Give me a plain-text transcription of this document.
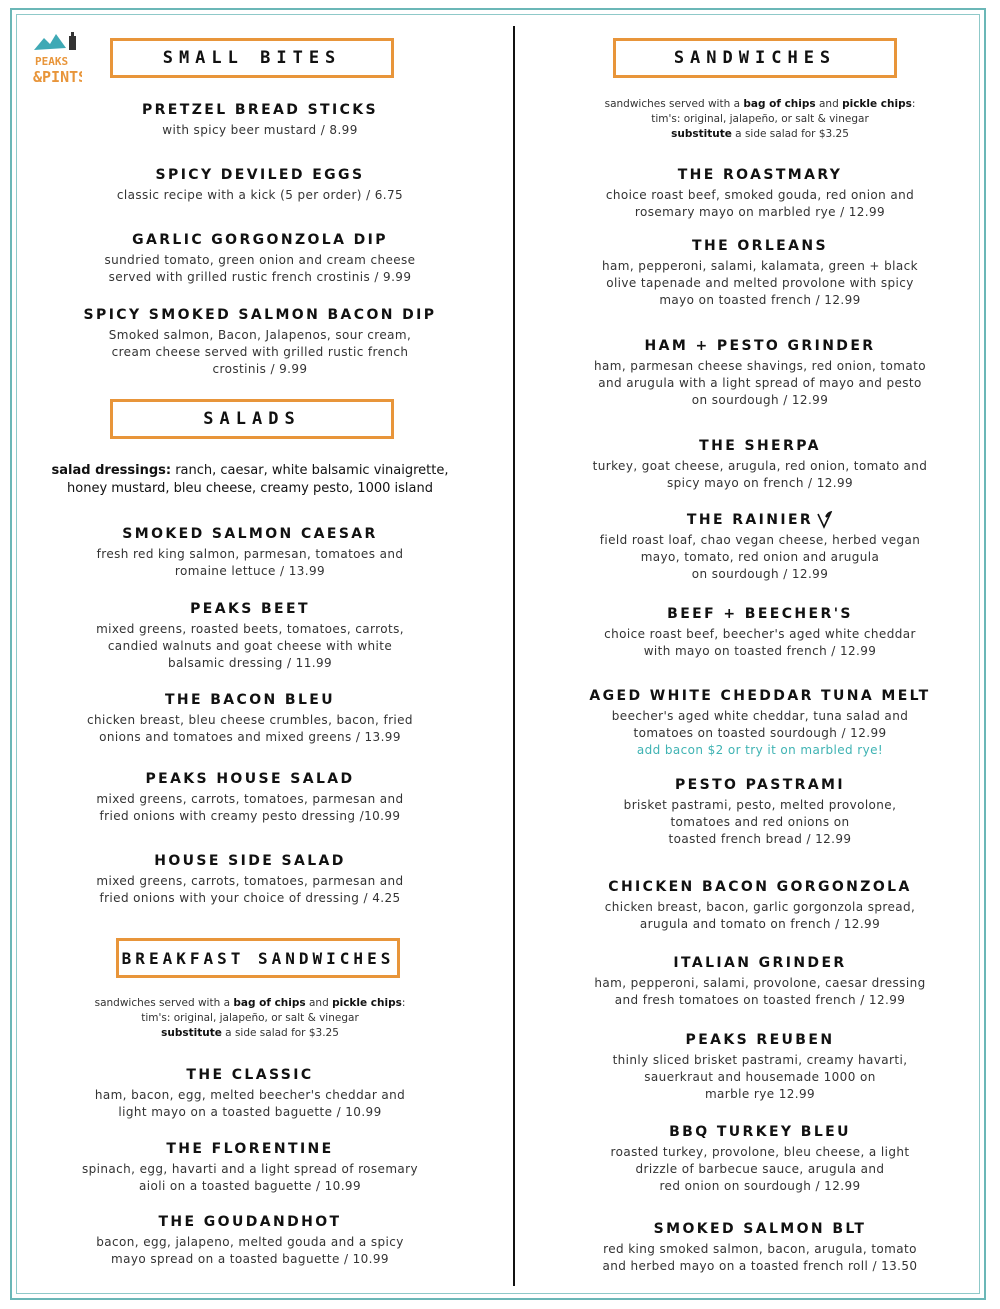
PEAKS
&PINTS
SMALL BITES
PRETZEL BREAD STICKS
with spicy beer mustard / 8.99
SPICY DEVILED EGGS
classic recipe with a kick (5 per order) / 6.75
GARLIC GORGONZOLA DIP
sundried tomato, green onion and cream cheese
served with grilled rustic french crostinis / 9.99
SPICY SMOKED SALMON BACON DIP
Smoked salmon, Bacon, Jalapenos, sour cream,
cream cheese served with grilled rustic french
crostinis / 9.99
SALADS
salad dressings: ranch, caesar, white balsamic vinaigrette,
honey mustard, bleu cheese, creamy pesto, 1000 island
SMOKED SALMON CAESAR
fresh red king salmon, parmesan, tomatoes and
romaine lettuce / 13.99
PEAKS BEET
mixed greens, roasted beets, tomatoes, carrots,
candied walnuts and goat cheese with white
balsamic dressing / 11.99
THE BACON BLEU
chicken breast, bleu cheese crumbles, bacon, fried
onions and tomatoes and mixed greens / 13.99
PEAKS HOUSE SALAD
mixed greens, carrots, tomatoes, parmesan and
fried onions with creamy pesto dressing /10.99
HOUSE SIDE SALAD
mixed greens, carrots, tomatoes, parmesan and
fried onions with your choice of dressing / 4.25
BREAKFAST SANDWICHES
sandwiches served with a bag of chips and pickle chips:
tim's: original, jalapeño, or salt & vinegar
substitute a side salad for $3.25
THE CLASSIC
ham, bacon, egg, melted beecher's cheddar and
light mayo on a toasted baguette / 10.99
THE FLORENTINE
spinach, egg, havarti and a light spread of rosemary
aioli on a toasted baguette / 10.99
THE GOUDANDHOT
bacon, egg, jalapeno, melted gouda and a spicy
mayo spread on a toasted baguette / 10.99
SANDWICHES
sandwiches served with a bag of chips and pickle chips:
tim's: original, jalapeño, or salt & vinegar
substitute a side salad for $3.25
THE ROASTMARY
choice roast beef, smoked gouda, red onion and
rosemary mayo on marbled rye / 12.99
THE ORLEANS
ham, pepperoni, salami, kalamata, green + black
olive tapenade and melted provolone with spicy
mayo on toasted french / 12.99
HAM + PESTO GRINDER
ham, parmesan cheese shavings, red onion, tomato
and arugula with a light spread of mayo and pesto
on sourdough / 12.99
THE SHERPA
turkey, goat cheese, arugula, red onion, tomato and
spicy mayo on french / 12.99
THE RAINIER
field roast loaf, chao vegan cheese, herbed vegan
mayo, tomato, red onion and arugula
on sourdough / 12.99
BEEF + BEECHER'S
choice roast beef, beecher's aged white cheddar
with mayo on toasted french / 12.99
AGED WHITE CHEDDAR TUNA MELT
beecher's aged white cheddar, tuna salad and
tomatoes on toasted sourdough / 12.99
add bacon $2 or try it on marbled rye!
PESTO PASTRAMI
brisket pastrami, pesto, melted provolone,
tomatoes and red onions on
toasted french bread / 12.99
CHICKEN BACON GORGONZOLA
chicken breast, bacon, garlic gorgonzola spread,
arugula and tomato on french / 12.99
ITALIAN GRINDER
ham, pepperoni, salami, provolone, caesar dressing
and fresh tomatoes on toasted french / 12.99
PEAKS REUBEN
thinly sliced brisket pastrami, creamy havarti,
sauerkraut and housemade 1000 on
marble rye 12.99
BBQ TURKEY BLEU
roasted turkey, provolone, bleu cheese, a light
drizzle of barbecue sauce, arugula and
red onion on sourdough / 12.99
SMOKED SALMON BLT
red king smoked salmon, bacon, arugula, tomato
and herbed mayo on a toasted french roll / 13.50
